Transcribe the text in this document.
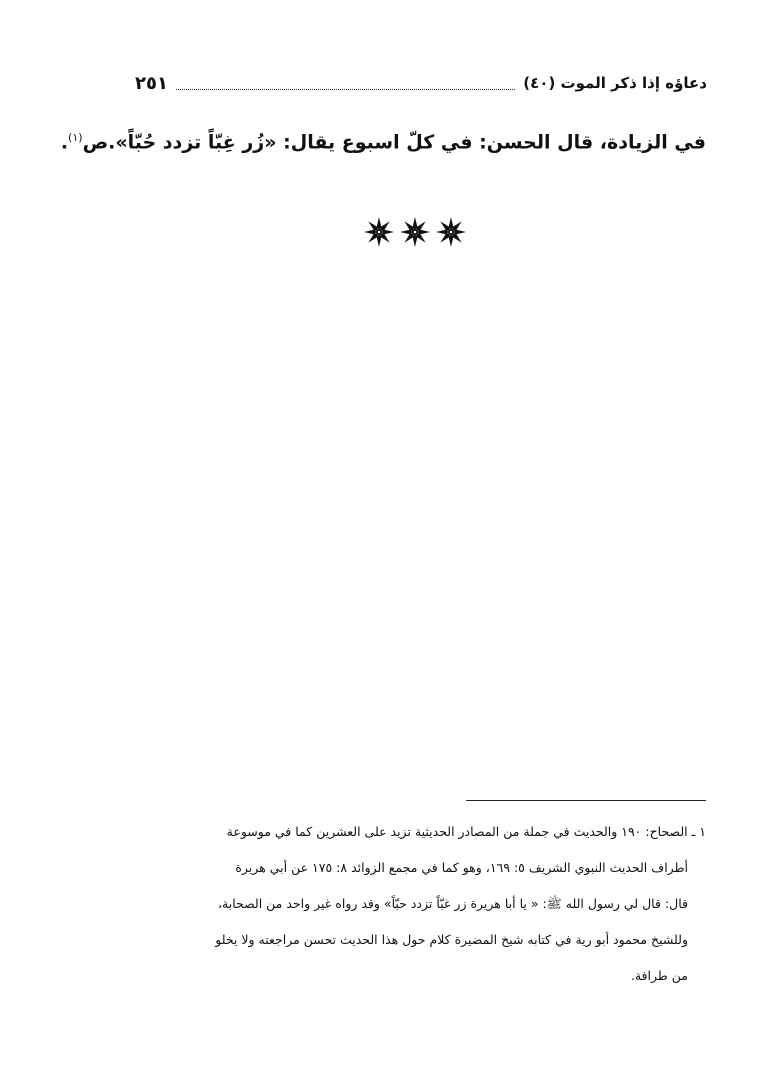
دعاؤه إذا ذكر الموت (٤٠)
٢٥١
في الزيادة، قال الحسن: في كلّ اسبوع يقال: «زُر غِبّاً تزدد حُبّاً».ص$^{(١)}$.
١ ـ الصحاح: ١٩٠ والحديث في جملة من المصادر الحديثية تزيد على العشرين كما في موسوعة
أطراف الحديث النبوي الشريف ٥: ١٦٩، وهو كما في مجمع الزوائد ٨: ١٧٥ عن أبي هريرة
قال: قال لي رسول الله ﷺ: « يا أبا هريرة زر غبّاً تزدد حبّاً» وقد رواه غير واحد من الصحابة،
وللشيخ محمود أبو رية في كتابه شيخ المضيرة كلام حول هذا الحديث تحسن مراجعته ولا يخلو
من طرافة.
